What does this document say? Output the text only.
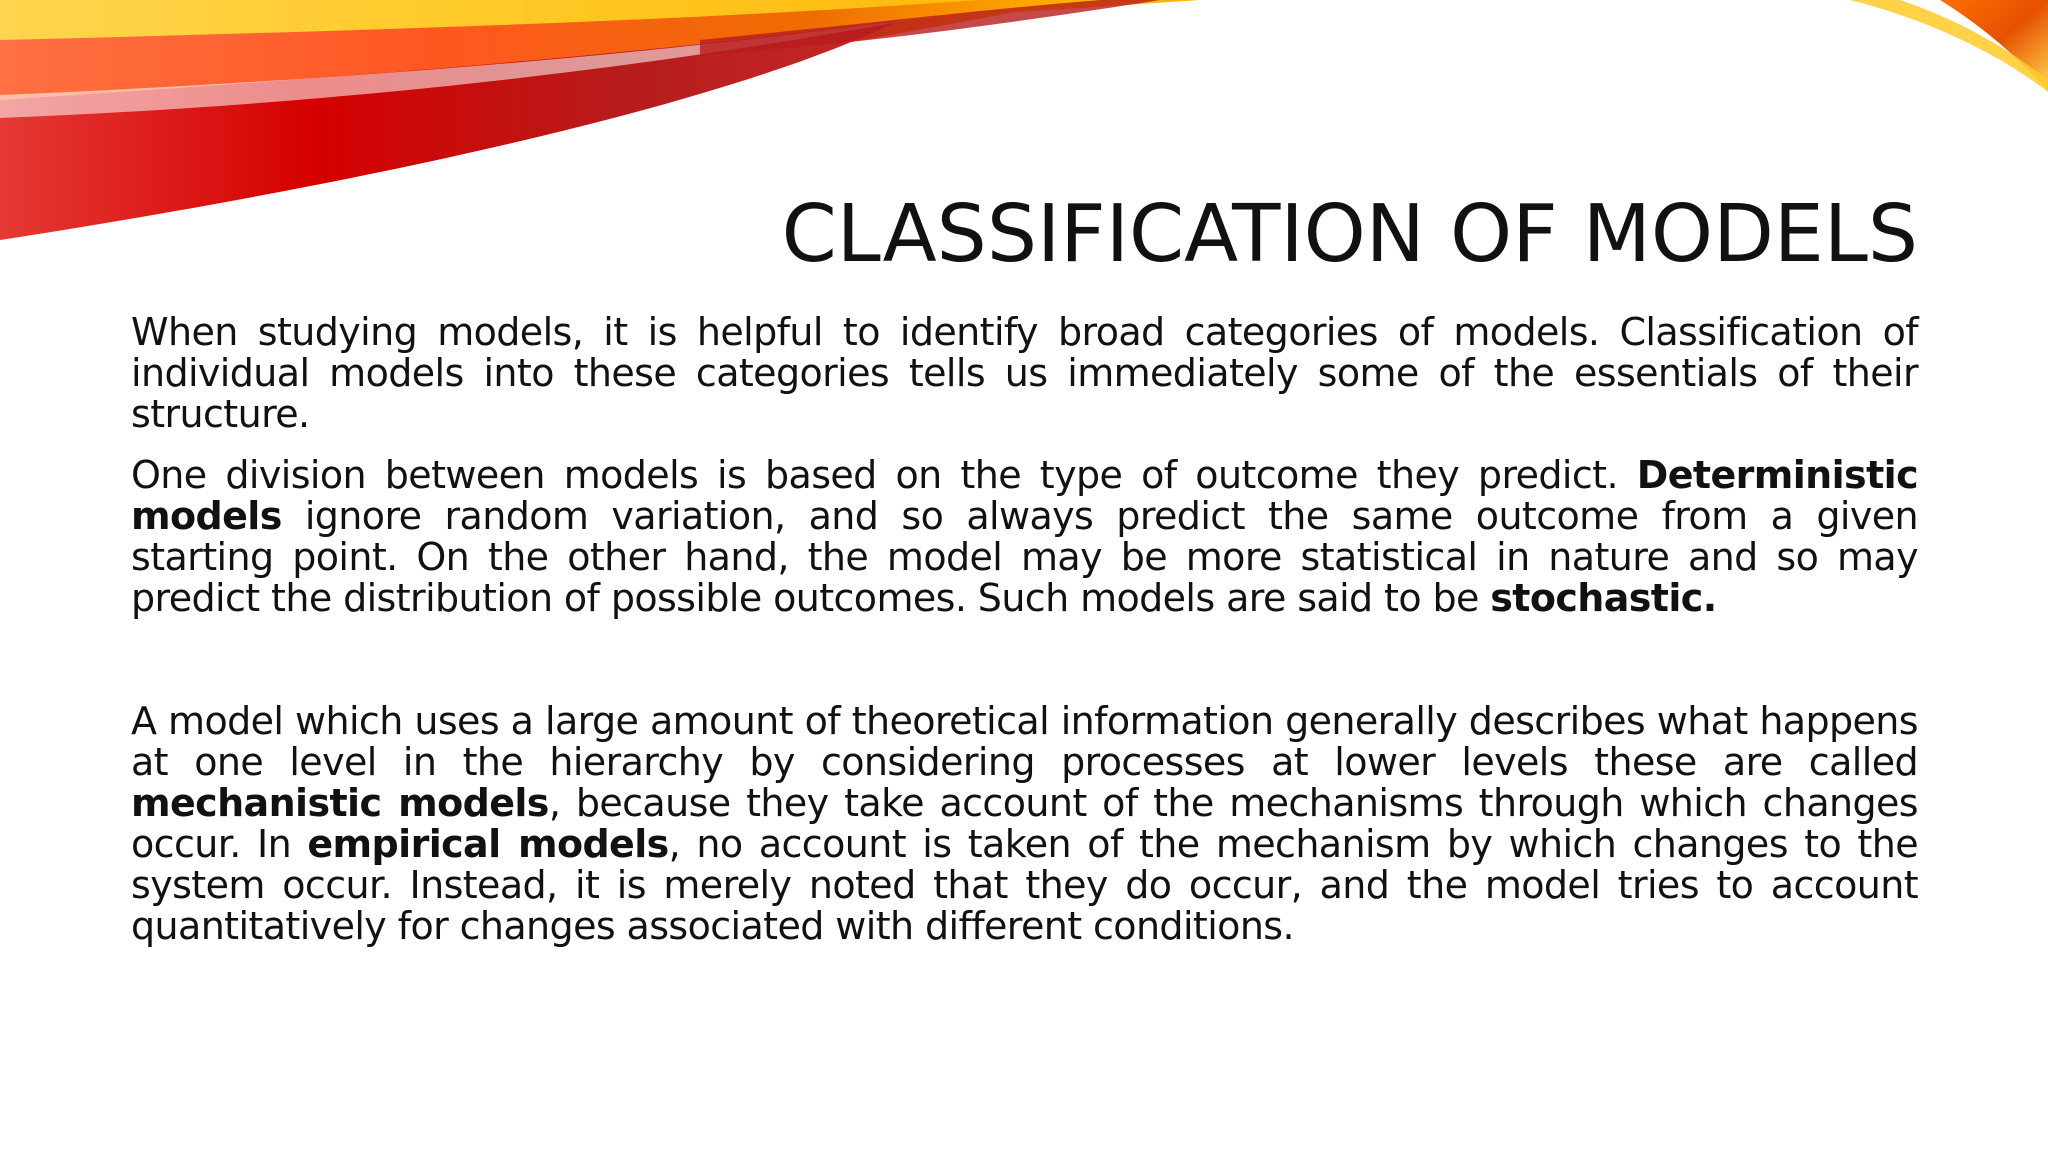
CLASSIFICATION OF MODELS

When studying models, it is helpful to identify broad categories of models. Classification of individual models into these categories tells us immediately some of the essentials of their structure.

One division between models is based on the type of outcome they predict. Deterministic models ignore random variation, and so always predict the same outcome from a given starting point. On the other hand, the model may be more statistical in nature and so may predict the distribution of possible outcomes. Such models are said to be stochastic.

A model which uses a large amount of theoretical information generally describes what happens at one level in the hierarchy by considering processes at lower levels these are called mechanistic models, because they take account of the mechanisms through which changes occur. In empirical models, no account is taken of the mechanism by which changes to the system occur. Instead, it is merely noted that they do occur, and the model tries to account quantitatively for changes associated with different conditions.
